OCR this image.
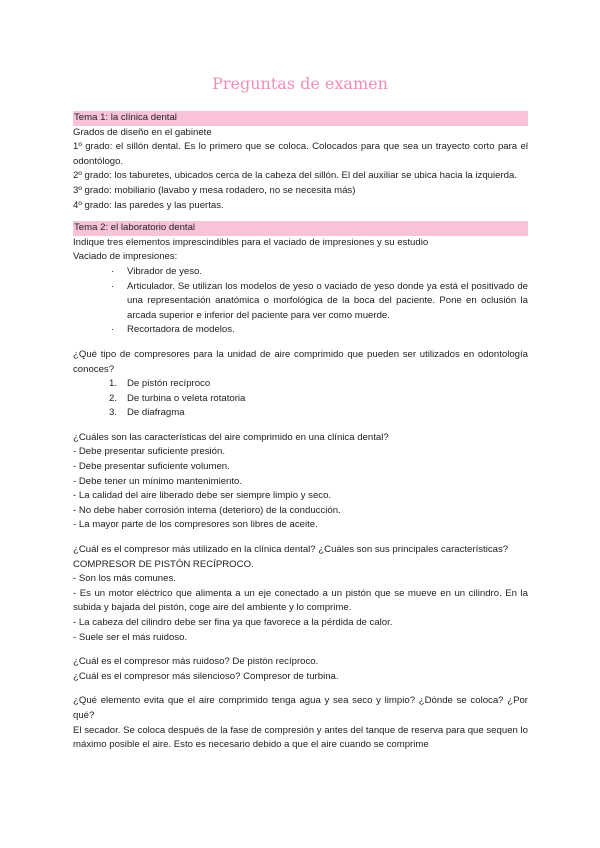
Preguntas de examen
Tema 1: la clínica dental

Grados de diseño en el gabinete

1º grado: el sillón dental. Es lo primero que se coloca. Colocados para que sea un trayecto corto para el odontólogo.

2º grado: los taburetes, ubicados cerca de la cabeza del sillón. El del auxiliar se ubica hacia la izquierda.

3º grado: mobiliario (lavabo y mesa rodadero, no se necesita más)

4º grado: las paredes y las puertas.

Tema 2: el laboratorio dental

Indique tres elementos imprescindibles para el vaciado de impresiones y su estudio

Vaciado de impresiones:

· Vibrador de yeso.
· Articulador. Se utilizan los modelos de yeso o vaciado de yeso donde ya está el positivado de una representación anatómica o morfológica de la boca del paciente. Pone en oclusión la arcada superior e inferior del paciente para ver como muerde.
· Recortadora de modelos.

¿Qué tipo de compresores para la unidad de aire comprimido que pueden ser utilizados en odontología conoces?

1. De pistón recíproco
2. De turbina o veleta rotatoria
3. De diafragma

¿Cuáles son las características del aire comprimido en una clínica dental?

- Debe presentar suficiente presión.

- Debe presentar suficiente volumen.

- Debe tener un mínimo mantenimiento.

- La calidad del aire liberado debe ser siempre limpio y seco.

- No debe haber corrosión interna (deterioro) de la conducción.

- La mayor parte de los compresores son libres de aceite.

¿Cuál es el compresor más utilizado en la clínica dental? ¿Cuáles son sus principales características?

COMPRESOR DE PISTÓN RECÍPROCO.

- Son los más comunes.

- Es un motor eléctrico que alimenta a un eje conectado a un pistón que se mueve en un cilindro. En la subida y bajada del pistón, coge aire del ambiente y lo comprime.

- La cabeza del cilindro debe ser fina ya que favorece a la pérdida de calor.

- Suele ser el más ruidoso.

¿Cuál es el compresor más ruidoso? De pistón recíproco.

¿Cuál es el compresor más silencioso? Compresor de turbina.

¿Qué elemento evita que el aire comprimido tenga agua y sea seco y limpio? ¿Dónde se coloca? ¿Por qué?

El secador. Se coloca después de la fase de compresión y antes del tanque de reserva para que sequen lo máximo posible el aire. Esto es necesario debido a que el aire cuando se comprime
